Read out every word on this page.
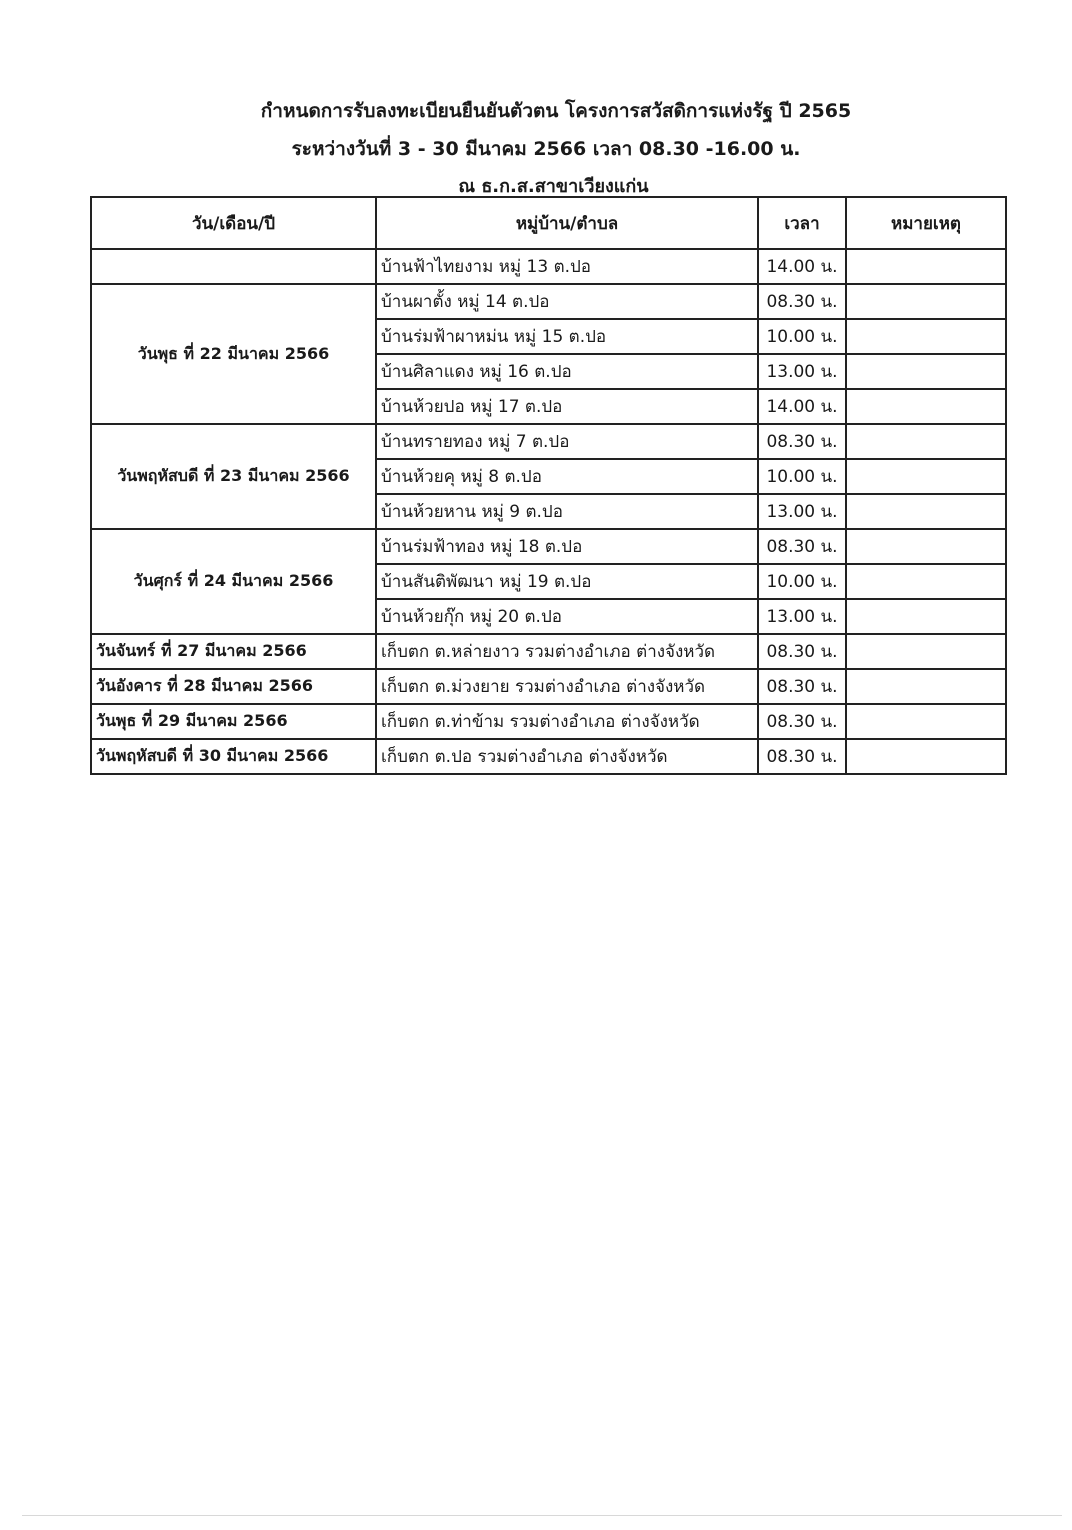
กำหนดการรับลงทะเบียนยืนยันตัวตน โครงการสวัสดิการแห่งรัฐ ปี 2565
ระหว่างวันที่ 3 - 30 มีนาคม 2566 เวลา 08.30 -16.00 น.
ณ ธ.ก.ส.สาขาเวียงแก่น
วัน/เดือน/ปี	หมู่บ้าน/ตำบล	เวลา	หมายเหตุ
	บ้านฟ้าไทยงาม หมู่ 13 ต.ปอ	14.00 น.	
วันพุธ ที่ 22 มีนาคม 2566	บ้านผาตั้ง หมู่ 14 ต.ปอ	08.30 น.	
	บ้านร่มฟ้าผาหม่น หมู่ 15 ต.ปอ	10.00 น.	
	บ้านศิลาแดง หมู่ 16 ต.ปอ	13.00 น.	
	บ้านห้วยปอ หมู่ 17 ต.ปอ	14.00 น.	
วันพฤหัสบดี ที่ 23 มีนาคม 2566	บ้านทรายทอง หมู่ 7 ต.ปอ	08.30 น.	
	บ้านห้วยคุ หมู่ 8 ต.ปอ	10.00 น.	
	บ้านห้วยหาน หมู่ 9 ต.ปอ	13.00 น.	
วันศุกร์ ที่ 24 มีนาคม 2566	บ้านร่มฟ้าทอง หมู่ 18 ต.ปอ	08.30 น.	
	บ้านสันติพัฒนา หมู่ 19 ต.ปอ	10.00 น.	
	บ้านห้วยกุ๊ก หมู่ 20 ต.ปอ	13.00 น.	
วันจันทร์ ที่ 27 มีนาคม 2566	เก็บตก ต.หล่ายงาว รวมต่างอำเภอ ต่างจังหวัด	08.30 น.	
วันอังคาร ที่ 28 มีนาคม 2566	เก็บตก ต.ม่วงยาย รวมต่างอำเภอ ต่างจังหวัด	08.30 น.	
วันพุธ ที่ 29 มีนาคม 2566	เก็บตก ต.ท่าข้าม รวมต่างอำเภอ ต่างจังหวัด	08.30 น.	
วันพฤหัสบดี ที่ 30 มีนาคม 2566	เก็บตก ต.ปอ รวมต่างอำเภอ ต่างจังหวัด	08.30 น.	
